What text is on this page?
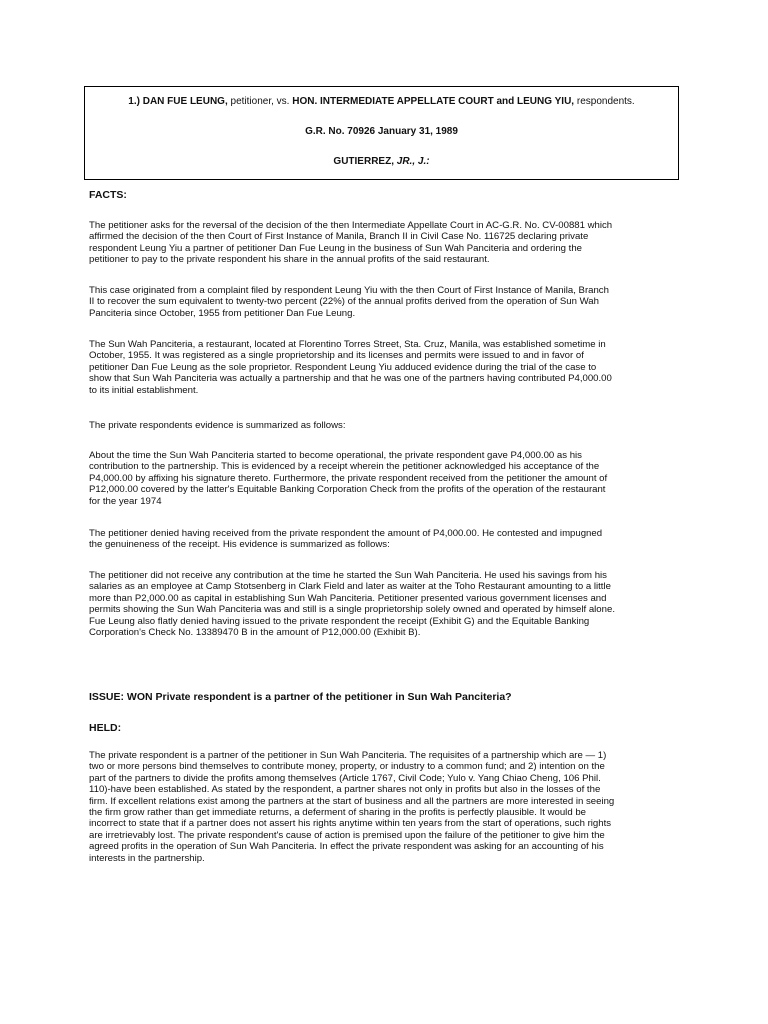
1.) DAN FUE LEUNG, petitioner, vs. HON. INTERMEDIATE APPELLATE COURT and LEUNG YIU, respondents.
G.R. No. 70926 January 31, 1989
GUTIERREZ, JR., J.:
FACTS:
The petitioner asks for the reversal of the decision of the then Intermediate Appellate Court in AC-G.R. No. CV-00881 which
affirmed the decision of the then Court of First Instance of Manila, Branch II in Civil Case No. 116725 declaring private
respondent Leung Yiu a partner of petitioner Dan Fue Leung in the business of Sun Wah Panciteria and ordering the
petitioner to pay to the private respondent his share in the annual profits of the said restaurant.
This case originated from a complaint filed by respondent Leung Yiu with the then Court of First Instance of Manila, Branch
II to recover the sum equivalent to twenty-two percent (22%) of the annual profits derived from the operation of Sun Wah
Panciteria since October, 1955 from petitioner Dan Fue Leung.
The Sun Wah Panciteria, a restaurant, located at Florentino Torres Street, Sta. Cruz, Manila, was established sometime in
October, 1955. It was registered as a single proprietorship and its licenses and permits were issued to and in favor of
petitioner Dan Fue Leung as the sole proprietor. Respondent Leung Yiu adduced evidence during the trial of the case to
show that Sun Wah Panciteria was actually a partnership and that he was one of the partners having contributed P4,000.00
to its initial establishment.
The private respondents evidence is summarized as follows:
About the time the Sun Wah Panciteria started to become operational, the private respondent gave P4,000.00 as his
contribution to the partnership. This is evidenced by a receipt wherein the petitioner acknowledged his acceptance of the
P4,000.00 by affixing his signature thereto. Furthermore, the private respondent received from the petitioner the amount of
P12,000.00 covered by the latter's Equitable Banking Corporation Check from the profits of the operation of the restaurant
for the year 1974
The petitioner denied having received from the private respondent the amount of P4,000.00. He contested and impugned
the genuineness of the receipt. His evidence is summarized as follows:
The petitioner did not receive any contribution at the time he started the Sun Wah Panciteria. He used his savings from his
salaries as an employee at Camp Stotsenberg in Clark Field and later as waiter at the Toho Restaurant amounting to a little
more than P2,000.00 as capital in establishing Sun Wah Panciteria. Petitioner presented various government licenses and
permits showing the Sun Wah Panciteria was and still is a single proprietorship solely owned and operated by himself alone.
Fue Leung also flatly denied having issued to the private respondent the receipt (Exhibit G) and the Equitable Banking
Corporation's Check No. 13389470 B in the amount of P12,000.00 (Exhibit B).
ISSUE: WON Private respondent is a partner of the petitioner in Sun Wah Panciteria?
HELD:
The private respondent is a partner of the petitioner in Sun Wah Panciteria. The requisites of a partnership which are — 1)
two or more persons bind themselves to contribute money, property, or industry to a common fund; and 2) intention on the
part of the partners to divide the profits among themselves (Article 1767, Civil Code; Yulo v. Yang Chiao Cheng, 106 Phil.
110)-have been established. As stated by the respondent, a partner shares not only in profits but also in the losses of the
firm. If excellent relations exist among the partners at the start of business and all the partners are more interested in seeing
the firm grow rather than get immediate returns, a deferment of sharing in the profits is perfectly plausible. It would be
incorrect to state that if a partner does not assert his rights anytime within ten years from the start of operations, such rights
are irretrievably lost. The private respondent's cause of action is premised upon the failure of the petitioner to give him the
agreed profits in the operation of Sun Wah Panciteria. In effect the private respondent was asking for an accounting of his
interests in the partnership.
